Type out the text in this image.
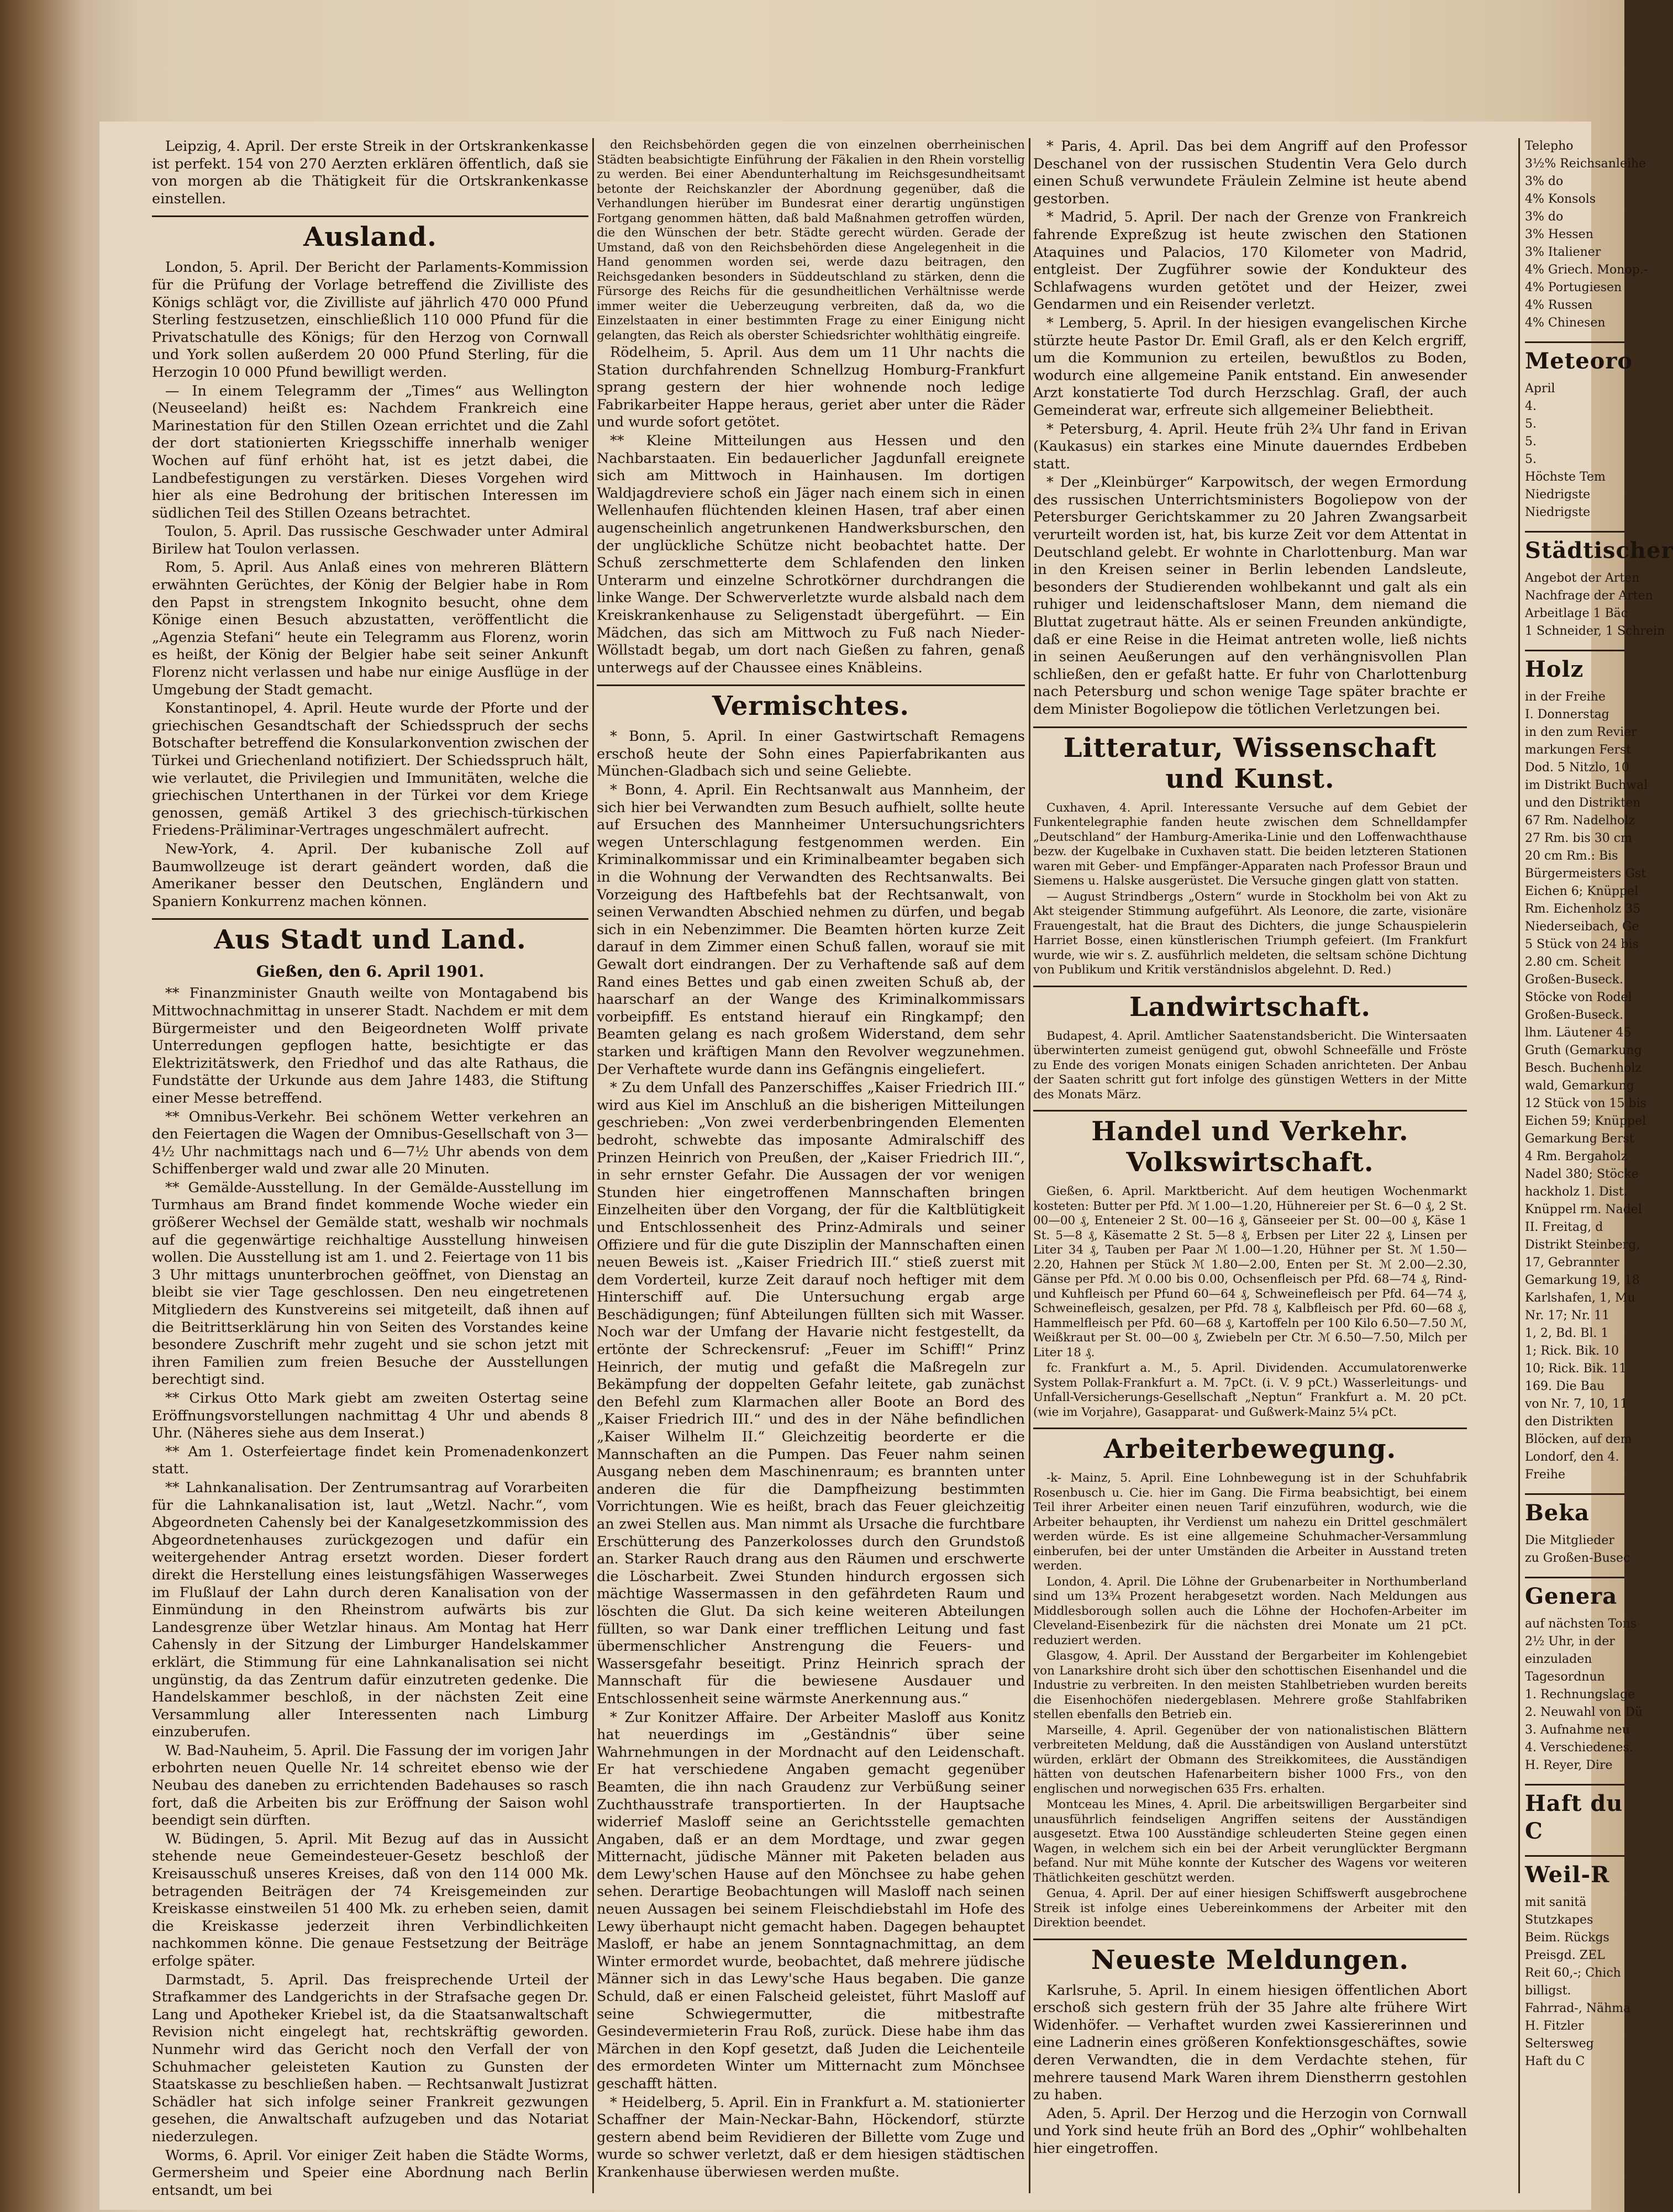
Leipzig, 4. April. Der erste Streik in der Ortskrankenkasse ist perfekt. 154 von 270 Aerzten erklären öffentlich, daß sie von morgen ab die Thätigkeit für die Ortskrankenkasse einstellen.

Ausland.

London, 5. April. Der Bericht der Parlaments-Kommission für die Prüfung der Vorlage betreffend die Zivilliste des Königs schlägt vor, die Zivilliste auf jährlich 470 000 Pfund Sterling festzusetzen, einschließlich 110 000 Pfund für die Privatschatulle des Königs; für den Herzog von Cornwall und York sollen außerdem 20 000 Pfund Sterling, für die Herzogin 10 000 Pfund bewilligt werden.

— In einem Telegramm der „Times“ aus Wellington (Neuseeland) heißt es: Nachdem Frankreich eine Marinestation für den Stillen Ozean errichtet und die Zahl der dort stationierten Kriegsschiffe innerhalb weniger Wochen auf fünf erhöht hat, ist es jetzt dabei, die Landbefestigungen zu verstärken. Dieses Vorgehen wird hier als eine Bedrohung der britischen Interessen im südlichen Teil des Stillen Ozeans betrachtet.

Toulon, 5. April. Das russische Geschwader unter Admiral Birilew hat Toulon verlassen.

Rom, 5. April. Aus Anlaß eines von mehreren Blättern erwähnten Gerüchtes, der König der Belgier habe in Rom den Papst in strengstem Inkognito besucht, ohne dem Könige einen Besuch abzustatten, veröffentlicht die „Agenzia Stefani“ heute ein Telegramm aus Florenz, worin es heißt, der König der Belgier habe seit seiner Ankunft Florenz nicht verlassen und habe nur einige Ausflüge in der Umgebung der Stadt gemacht.

Konstantinopel, 4. April. Heute wurde der Pforte und der griechischen Gesandtschaft der Schiedsspruch der sechs Botschafter betreffend die Konsularkonvention zwischen der Türkei und Griechenland notifiziert. Der Schiedsspruch hält, wie verlautet, die Privilegien und Immunitäten, welche die griechischen Unterthanen in der Türkei vor dem Kriege genossen, gemäß Artikel 3 des griechisch-türkischen Friedens-Präliminar-Vertrages ungeschmälert aufrecht.

New-York, 4. April. Der kubanische Zoll auf Baumwollzeuge ist derart geändert worden, daß die Amerikaner besser den Deutschen, Engländern und Spaniern Konkurrenz machen können.

Aus Stadt und Land.
Gießen, den 6. April 1901.

** Finanzminister Gnauth weilte von Montagabend bis Mittwochnachmittag in unserer Stadt. Nachdem er mit dem Bürgermeister und den Beigeordneten Wolff private Unterredungen gepflogen hatte, besichtigte er das Elektrizitätswerk, den Friedhof und das alte Rathaus, die Fundstätte der Urkunde aus dem Jahre 1483, die Stiftung einer Messe betreffend.

** Omnibus-Verkehr. Bei schönem Wetter verkehren an den Feiertagen die Wagen der Omnibus-Gesellschaft von 3—4½ Uhr nachmittags nach und 6—7½ Uhr abends von dem Schiffenberger wald und zwar alle 20 Minuten.

** Gemälde-Ausstellung. In der Gemälde-Ausstellung im Turmhaus am Brand findet kommende Woche wieder ein größerer Wechsel der Gemälde statt, weshalb wir nochmals auf die gegenwärtige reichhaltige Ausstellung hinweisen wollen. Die Ausstellung ist am 1. und 2. Feiertage von 11 bis 3 Uhr mittags ununterbrochen geöffnet, von Dienstag an bleibt sie vier Tage geschlossen. Den neu eingetretenen Mitgliedern des Kunstvereins sei mitgeteilt, daß ihnen auf die Beitrittserklärung hin von Seiten des Vorstandes keine besondere Zuschrift mehr zugeht und sie schon jetzt mit ihren Familien zum freien Besuche der Ausstellungen berechtigt sind.

** Cirkus Otto Mark giebt am zweiten Ostertag seine Eröffnungsvorstellungen nachmittag 4 Uhr und abends 8 Uhr. (Näheres siehe aus dem Inserat.)

** Am 1. Osterfeiertage findet kein Promenadenkonzert statt.

** Lahnkanalisation. Der Zentrumsantrag auf Vorarbeiten für die Lahnkanalisation ist, laut „Wetzl. Nachr.“, vom Abgeordneten Cahensly bei der Kanalgesetzkommission des Abgeordnetenhauses zurückgezogen und dafür ein weitergehender Antrag ersetzt worden. Dieser fordert direkt die Herstellung eines leistungsfähigen Wasserweges im Flußlauf der Lahn durch deren Kanalisation von der Einmündung in den Rheinstrom aufwärts bis zur Landesgrenze über Wetzlar hinaus. Am Montag hat Herr Cahensly in der Sitzung der Limburger Handelskammer erklärt, die Stimmung für eine Lahnkanalisation sei nicht ungünstig, da das Zentrum dafür einzutreten gedenke. Die Handelskammer beschloß, in der nächsten Zeit eine Versammlung aller Interessenten nach Limburg einzuberufen.

W. Bad-Nauheim, 5. April. Die Fassung der im vorigen Jahr erbohrten neuen Quelle Nr. 14 schreitet ebenso wie der Neubau des daneben zu errichtenden Badehauses so rasch fort, daß die Arbeiten bis zur Eröffnung der Saison wohl beendigt sein dürften.

W. Büdingen, 5. April. Mit Bezug auf das in Aussicht stehende neue Gemeindesteuer-Gesetz beschloß der Kreisausschuß unseres Kreises, daß von den 114 000 Mk. betragenden Beiträgen der 74 Kreisgemeinden zur Kreiskasse einstweilen 51 400 Mk. zu erheben seien, damit die Kreiskasse jederzeit ihren Verbindlichkeiten nachkommen könne. Die genaue Festsetzung der Beiträge erfolge später.

Darmstadt, 5. April. Das freisprechende Urteil der Strafkammer des Landgerichts in der Strafsache gegen Dr. Lang und Apotheker Kriebel ist, da die Staatsanwaltschaft Revision nicht eingelegt hat, rechtskräftig geworden. Nunmehr wird das Gericht noch den Verfall der von Schuhmacher geleisteten Kaution zu Gunsten der Staatskasse zu beschließen haben. — Rechtsanwalt Justizrat Schädler hat sich infolge seiner Frankreit gezwungen gesehen, die Anwaltschaft aufzugeben und das Notariat niederzulegen.

Worms, 6. April. Vor einiger Zeit haben die Städte Worms, Germersheim und Speier eine Abordnung nach Berlin entsandt, um bei

den Reichsbehörden gegen die von einzelnen oberrheinischen Städten beabsichtigte Einführung der Fäkalien in den Rhein vorstellig zu werden. Bei einer Abendunterhaltung im Reichsgesundheitsamt betonte der Reichskanzler der Abordnung gegenüber, daß die Verhandlungen hierüber im Bundesrat einer derartig ungünstigen Fortgang genommen hätten, daß bald Maßnahmen getroffen würden, die den Wünschen der betr. Städte gerecht würden. Gerade der Umstand, daß von den Reichsbehörden diese Angelegenheit in die Hand genommen worden sei, werde dazu beitragen, den Reichsgedanken besonders in Süddeutschland zu stärken, denn die Fürsorge des Reichs für die gesundheitlichen Verhältnisse werde immer weiter die Ueberzeugung verbreiten, daß da, wo die Einzelstaaten in einer bestimmten Frage zu einer Einigung nicht gelangten, das Reich als oberster Schiedsrichter wohlthätig eingreife.

Rödelheim, 5. April. Aus dem um 11 Uhr nachts die Station durchfahrenden Schnellzug Homburg-Frankfurt sprang gestern der hier wohnende noch ledige Fabrikarbeiter Happe heraus, geriet aber unter die Räder und wurde sofort getötet.

** Kleine Mitteilungen aus Hessen und den Nachbarstaaten. Ein bedauerlicher Jagdunfall ereignete sich am Mittwoch in Hainhausen. Im dortigen Waldjagdreviere schoß ein Jäger nach einem sich in einen Wellenhaufen flüchtenden kleinen Hasen, traf aber einen augenscheinlich angetrunkenen Handwerksburschen, den der unglückliche Schütze nicht beobachtet hatte. Der Schuß zerschmetterte dem Schlafenden den linken Unterarm und einzelne Schrotkörner durchdrangen die linke Wange. Der Schwerverletzte wurde alsbald nach dem Kreiskrankenhause zu Seligenstadt übergeführt. — Ein Mädchen, das sich am Mittwoch zu Fuß nach Nieder-Wöllstadt begab, um dort nach Gießen zu fahren, genaß unterwegs auf der Chaussee eines Knäbleins.

Vermischtes.

* Bonn, 5. April. In einer Gastwirtschaft Remagens erschoß heute der Sohn eines Papierfabrikanten aus München-Gladbach sich und seine Geliebte.

* Bonn, 4. April. Ein Rechtsanwalt aus Mannheim, der sich hier bei Verwandten zum Besuch aufhielt, sollte heute auf Ersuchen des Mannheimer Untersuchungsrichters wegen Unterschlagung festgenommen werden. Ein Kriminalkommissar und ein Kriminalbeamter begaben sich in die Wohnung der Verwandten des Rechtsanwalts. Bei Vorzeigung des Haftbefehls bat der Rechtsanwalt, von seinen Verwandten Abschied nehmen zu dürfen, und begab sich in ein Nebenzimmer. Die Beamten hörten kurze Zeit darauf in dem Zimmer einen Schuß fallen, worauf sie mit Gewalt dort eindrangen. Der zu Verhaftende saß auf dem Rand eines Bettes und gab einen zweiten Schuß ab, der haarscharf an der Wange des Kriminalkommissars vorbeipfiff. Es entstand hierauf ein Ringkampf; den Beamten gelang es nach großem Widerstand, dem sehr starken und kräftigen Mann den Revolver wegzunehmen. Der Verhaftete wurde dann ins Gefängnis eingeliefert.

* Zu dem Unfall des Panzerschiffes „Kaiser Friedrich III.“ wird aus Kiel im Anschluß an die bisherigen Mitteilungen geschrieben: „Von zwei verderbenbringenden Elementen bedroht, schwebte das imposante Admiralschiff des Prinzen Heinrich von Preußen, der „Kaiser Friedrich III.“, in sehr ernster Gefahr. Die Aussagen der vor wenigen Stunden hier eingetroffenen Mannschaften bringen Einzelheiten über den Vorgang, der für die Kaltblütigkeit und Entschlossenheit des Prinz-Admirals und seiner Offiziere und für die gute Disziplin der Mannschaften einen neuen Beweis ist. „Kaiser Friedrich III.“ stieß zuerst mit dem Vorderteil, kurze Zeit darauf noch heftiger mit dem Hinterschiff auf. Die Untersuchung ergab arge Beschädigungen; fünf Abteilungen füllten sich mit Wasser. Noch war der Umfang der Havarie nicht festgestellt, da ertönte der Schreckensruf: „Feuer im Schiff!“ Prinz Heinrich, der mutig und gefaßt die Maßregeln zur Bekämpfung der doppelten Gefahr leitete, gab zunächst den Befehl zum Klarmachen aller Boote an Bord des „Kaiser Friedrich III.“ und des in der Nähe befindlichen „Kaiser Wilhelm II.“ Gleichzeitig beorderte er die Mannschaften an die Pumpen. Das Feuer nahm seinen Ausgang neben dem Maschinenraum; es brannten unter anderen die für die Dampfheizung bestimmten Vorrichtungen. Wie es heißt, brach das Feuer gleichzeitig an zwei Stellen aus. Man nimmt als Ursache die furchtbare Erschütterung des Panzerkolosses durch den Grundstoß an. Starker Rauch drang aus den Räumen und erschwerte die Löscharbeit. Zwei Stunden hindurch ergossen sich mächtige Wassermassen in den gefährdeten Raum und löschten die Glut. Da sich keine weiteren Abteilungen füllten, so war Dank einer trefflichen Leitung und fast übermenschlicher Anstrengung die Feuers- und Wassersgefahr beseitigt. Prinz Heinrich sprach der Mannschaft für die bewiesene Ausdauer und Entschlossenheit seine wärmste Anerkennung aus.“

* Zur Konitzer Affaire. Der Arbeiter Masloff aus Konitz hat neuerdings im „Geständnis“ über seine Wahrnehmungen in der Mordnacht auf den Leidenschaft. Er hat verschiedene Angaben gemacht gegenüber Beamten, die ihn nach Graudenz zur Verbüßung seiner Zuchthausstrafe transportierten. In der Hauptsache widerrief Masloff seine an Gerichtsstelle gemachten Angaben, daß er an dem Mordtage, und zwar gegen Mitternacht, jüdische Männer mit Paketen beladen aus dem Lewy'schen Hause auf den Mönchsee zu habe gehen sehen. Derartige Beobachtungen will Masloff nach seinen neuen Aussagen bei seinem Fleischdiebstahl im Hofe des Lewy überhaupt nicht gemacht haben. Dagegen behauptet Masloff, er habe an jenem Sonntagnachmittag, an dem Winter ermordet wurde, beobachtet, daß mehrere jüdische Männer sich in das Lewy'sche Haus begaben. Die ganze Schuld, daß er einen Falscheid geleistet, führt Masloff auf seine Schwiegermutter, die mitbestrafte Gesindevermieterin Frau Roß, zurück. Diese habe ihm das Märchen in den Kopf gesetzt, daß Juden die Leichenteile des ermordeten Winter um Mitternacht zum Mönchsee geschafft hätten.

* Heidelberg, 5. April. Ein in Frankfurt a. M. stationierter Schaffner der Main-Neckar-Bahn, Höckendorf, stürzte gestern abend beim Revidieren der Billette vom Zuge und wurde so schwer verletzt, daß er dem hiesigen städtischen Krankenhause überwiesen werden mußte.

* Paris, 4. April. Das bei dem Angriff auf den Professor Deschanel von der russischen Studentin Vera Gelo durch einen Schuß verwundete Fräulein Zelmine ist heute abend gestorben.

* Madrid, 5. April. Der nach der Grenze von Frankreich fahrende Expreßzug ist heute zwischen den Stationen Ataquines und Palacios, 170 Kilometer von Madrid, entgleist. Der Zugführer sowie der Kondukteur des Schlafwagens wurden getötet und der Heizer, zwei Gendarmen und ein Reisender verletzt.

* Lemberg, 5. April. In der hiesigen evangelischen Kirche stürzte heute Pastor Dr. Emil Grafl, als er den Kelch ergriff, um die Kommunion zu erteilen, bewußtlos zu Boden, wodurch eine allgemeine Panik entstand. Ein anwesender Arzt konstatierte Tod durch Herzschlag. Grafl, der auch Gemeinderat war, erfreute sich allgemeiner Beliebtheit.

* Petersburg, 4. April. Heute früh 2¾ Uhr fand in Erivan (Kaukasus) ein starkes eine Minute dauerndes Erdbeben statt.

* Der „Kleinbürger“ Karpowitsch, der wegen Ermordung des russischen Unterrichtsministers Bogoliepow von der Petersburger Gerichtskammer zu 20 Jahren Zwangsarbeit verurteilt worden ist, hat, bis kurze Zeit vor dem Attentat in Deutschland gelebt. Er wohnte in Charlottenburg. Man war in den Kreisen seiner in Berlin lebenden Landsleute, besonders der Studierenden wohlbekannt und galt als ein ruhiger und leidenschaftsloser Mann, dem niemand die Bluttat zugetraut hätte. Als er seinen Freunden ankündigte, daß er eine Reise in die Heimat antreten wolle, ließ nichts in seinen Aeußerungen auf den verhängnisvollen Plan schließen, den er gefaßt hatte. Er fuhr von Charlottenburg nach Petersburg und schon wenige Tage später brachte er dem Minister Bogoliepow die tötlichen Verletzungen bei.

Litteratur, Wissenschaft und Kunst.

Cuxhaven, 4. April. Interessante Versuche auf dem Gebiet der Funkentelegraphie fanden heute zwischen dem Schnelldampfer „Deutschland“ der Hamburg-Amerika-Linie und den Loffenwachthause bezw. der Kugelbake in Cuxhaven statt. Die beiden letzteren Stationen waren mit Geber- und Empfänger-Apparaten nach Professor Braun und Siemens u. Halske ausgerüstet. Die Versuche gingen glatt von statten.

— August Strindbergs „Ostern“ wurde in Stockholm bei von Akt zu Akt steigender Stimmung aufgeführt. Als Leonore, die zarte, visionäre Frauengestalt, hat die Braut des Dichters, die junge Schauspielerin Harriet Bosse, einen künstlerischen Triumph gefeiert. (Im Frankfurt wurde, wie wir s. Z. ausführlich meldeten, die seltsam schöne Dichtung von Publikum und Kritik verständnislos abgelehnt. D. Red.)

Landwirtschaft.

Budapest, 4. April. Amtlicher Saatenstandsbericht. Die Wintersaaten überwinterten zumeist genügend gut, obwohl Schneefälle und Fröste zu Ende des vorigen Monats einigen Schaden anrichteten. Der Anbau der Saaten schritt gut fort infolge des günstigen Wetters in der Mitte des Monats März.

Handel und Verkehr. Volkswirtschaft.

Gießen, 6. April. Marktbericht. Auf dem heutigen Wochenmarkt kosteten: Butter per Pfd. ℳ 1.00—1.20, Hühnereier per St. 6—0 ₰, 2 St. 00—00 ₰, Enteneier 2 St. 00—16 ₰, Gänseeier per St. 00—00 ₰, Käse 1 St. 5—8 ₰, Käsematte 2 St. 5—8 ₰, Erbsen per Liter 22 ₰, Linsen per Liter 34 ₰, Tauben per Paar ℳ 1.00—1.20, Hühner per St. ℳ 1.50—2.20, Hahnen per Stück ℳ 1.80—2.00, Enten per St. ℳ 2.00—2.30, Gänse per Pfd. ℳ 0.00 bis 0.00, Ochsenfleisch per Pfd. 68—74 ₰, Rind- und Kuhfleisch per Pfund 60—64 ₰, Schweinefleisch per Pfd. 64—74 ₰, Schweinefleisch, gesalzen, per Pfd. 78 ₰, Kalbfleisch per Pfd. 60—68 ₰, Hammelfleisch per Pfd. 60—68 ₰, Kartoffeln per 100 Kilo 6.50—7.50 ℳ, Weißkraut per St. 00—00 ₰, Zwiebeln per Ctr. ℳ 6.50—7.50, Milch per Liter 18 ₰.

fc. Frankfurt a. M., 5. April. Dividenden. Accumulatorenwerke System Pollak-Frankfurt a. M. 7pCt. (i. V. 9 pCt.) Wasserleitungs- und Unfall-Versicherungs-Gesellschaft „Neptun“ Frankfurt a. M. 20 pCt. (wie im Vorjahre), Gasapparat- und Gußwerk-Mainz 5¼ pCt.

Arbeiterbewegung.

-k- Mainz, 5. April. Eine Lohnbewegung ist in der Schuhfabrik Rosenbusch u. Cie. hier im Gang. Die Firma beabsichtigt, bei einem Teil ihrer Arbeiter einen neuen Tarif einzuführen, wodurch, wie die Arbeiter behaupten, ihr Verdienst um nahezu ein Drittel geschmälert werden würde. Es ist eine allgemeine Schuhmacher-Versammlung einberufen, bei der unter Umständen die Arbeiter in Ausstand treten werden.

London, 4. April. Die Löhne der Grubenarbeiter in Northumberland sind um 13¾ Prozent herabgesetzt worden. Nach Meldungen aus Middlesborough sollen auch die Löhne der Hochofen-Arbeiter im Cleveland-Eisenbezirk für die nächsten drei Monate um 21 pCt. reduziert werden.

Glasgow, 4. April. Der Ausstand der Bergarbeiter im Kohlengebiet von Lanarkshire droht sich über den schottischen Eisenhandel und die Industrie zu verbreiten. In den meisten Stahlbetrieben wurden bereits die Eisenhochöfen niedergeblasen. Mehrere große Stahlfabriken stellen ebenfalls den Betrieb ein.

Marseille, 4. April. Gegenüber der von nationalistischen Blättern verbreiteten Meldung, daß die Ausständigen von Ausland unterstützt würden, erklärt der Obmann des Streikkomitees, die Ausständigen hätten von deutschen Hafenarbeitern bisher 1000 Frs., von den englischen und norwegischen 635 Frs. erhalten.

Montceau les Mines, 4. April. Die arbeitswilligen Bergarbeiter sind unausführlich feindseligen Angriffen seitens der Ausständigen ausgesetzt. Etwa 100 Ausständige schleuderten Steine gegen einen Wagen, in welchem sich ein bei der Arbeit verunglückter Bergmann befand. Nur mit Mühe konnte der Kutscher des Wagens vor weiteren Thätlichkeiten geschützt werden.

Genua, 4. April. Der auf einer hiesigen Schiffswerft ausgebrochene Streik ist infolge eines Uebereinkommens der Arbeiter mit den Direktion beendet.

Neueste Meldungen.

Karlsruhe, 5. April. In einem hiesigen öffentlichen Abort erschoß sich gestern früh der 35 Jahre alte frühere Wirt Widenhöfer. — Verhaftet wurden zwei Kassiererinnen und eine Ladnerin eines größeren Konfektionsgeschäftes, sowie deren Verwandten, die in dem Verdachte stehen, für mehrere tausend Mark Waren ihrem Dienstherrn gestohlen zu haben.

Aden, 5. April. Der Herzog und die Herzogin von Cornwall und York sind heute früh an Bord des „Ophir“ wohlbehalten hier eingetroffen.

Telepho

3½% Reichsanleihe

3% do

4% Konsols

3% do

3% Hessen

3% Italiener

4% Griech. Monop.-

4% Portugiesen

4% Russen

4% Chinesen

Meteoro

April

4.

5.

5.

5.

Höchste Tem

Niedrigste

Niedrigste

Städtischer

Angebot der Arten

Nachfrage der Arten

Arbeitlage 1 Bäc

1 Schneider, 1 Schrein

Holz

in der Freihe

I. Donnerstag

in den zum Revier

markungen Ferst

Dod. 5 Nitzlo, 10

im Distrikt Buchwal

und den Distrikten

67 Rm. Nadelholz

27 Rm. bis 30 cm

20 cm Rm.: Bis

Bürgermeisters Gst

Eichen 6; Knüppel

Rm. Eichenholz 35

Niederseibach, Ge

5 Stück von 24 bis

2.80 cm. Scheit

Großen-Buseck.

Stöcke von Rodel

Großen-Buseck.

lhm. Läutener 45

Gruth (Gemarkung

Besch. Buchenholz

wald, Gemarkung

12 Stück von 15 bis

Eichen 59; Knüppel

Gemarkung Berst

4 Rm. Bergaholz

Nadel 380; Stöcke

hackholz 1. Dist.

Knüppel rm. Nadel

II. Freitag, d

Distrikt Steinberg,

17, Gebrannter

Gemarkung 19, 18

Karlshafen, 1, Mu

Nr. 17; Nr. 11

1, 2, Bd. Bl. 1

1; Rick. Bik. 10

10; Rick. Bik. 11

169. Die Bau

von Nr. 7, 10, 11

den Distrikten

Blöcken, auf dem

Londorf, den 4.

Freihe

Beka

Die Mitglieder

zu Großen-Busec

Genera

auf nächsten Tons

2½ Uhr, in der

einzuladen

Tagesordnun

1. Rechnungslage

2. Neuwahl von Dü

3. Aufnahme neu

4. Verschiedenes.

H. Reyer, Dire

Haft du C
Weil-R

mit sanitä

Stutzkapes

Beim. Rückgs

Preisgd. ZEL

Reit 60,-; Chich

billigst.

Fahrrad-, Nähma

H. Fitzler

Seltersweg

Haft du C
